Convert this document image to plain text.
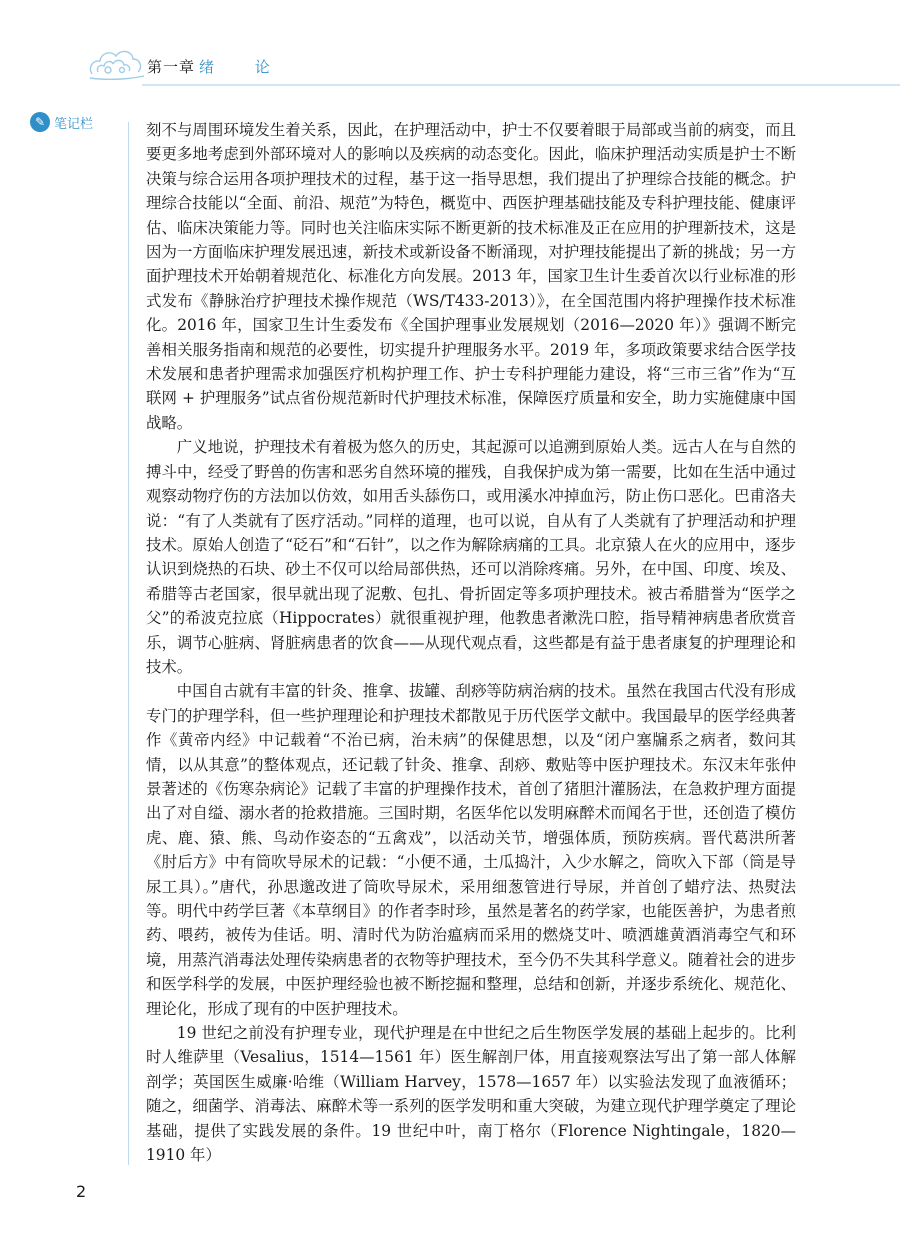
第一章 绪 论
✎ 笔记栏	刻不与周围环境发生着关系，因此，在护理活动中，护士不仅要着眼于局部或当前的病变，而且要更多地考虑到外部环境对人的影响以及疾病的动态变化。因此，临床护理活动实质是护士不断决策与综合运用各项护理技术的过程，基于这一指导思想，我们提出了护理综合技能的概念。护理综合技能以“全面、前沿、规范”为特色，概览中、西医护理基础技能及专科护理技能、健康评估、临床决策能力等。同时也关注临床实际不断更新的技术标准及正在应用的护理新技术，这是因为一方面临床护理发展迅速，新技术或新设备不断涌现，对护理技能提出了新的挑战；另一方面护理技术开始朝着规范化、标准化方向发展。2013 年，国家卫生计生委首次以行业标准的形式发布《静脉治疗护理技术操作规范（WS/T433-2013）》，在全国范围内将护理操作技术标准化。2016 年，国家卫生计生委发布《全国护理事业发展规划（2016—2020 年）》强调不断完善相关服务指南和规范的必要性，切实提升护理服务水平。2019 年，多项政策要求结合医学技术发展和患者护理需求加强医疗机构护理工作、护士专科护理能力建设，将“三市三省”作为“互联网 + 护理服务”试点省份规范新时代护理技术标准，保障医疗质量和安全，助力实施健康中国战略。

广义地说，护理技术有着极为悠久的历史，其起源可以追溯到原始人类。远古人在与自然的搏斗中，经受了野兽的伤害和恶劣自然环境的摧残，自我保护成为第一需要，比如在生活中通过观察动物疗伤的方法加以仿效，如用舌头舔伤口，或用溪水冲掉血污，防止伤口恶化。巴甫洛夫说：“有了人类就有了医疗活动。”同样的道理，也可以说，自从有了人类就有了护理活动和护理技术。原始人创造了“砭石”和“石针”，以之作为解除病痛的工具。北京猿人在火的应用中，逐步认识到烧热的石块、砂土不仅可以给局部供热，还可以消除疼痛。另外，在中国、印度、埃及、希腊等古老国家，很早就出现了泥敷、包扎、骨折固定等多项护理技术。被古希腊誉为“医学之父”的希波克拉底（Hippocrates）就很重视护理，他教患者漱洗口腔，指导精神病患者欣赏音乐，调节心脏病、肾脏病患者的饮食——从现代观点看，这些都是有益于患者康复的护理理论和技术。

中国自古就有丰富的针灸、推拿、拔罐、刮痧等防病治病的技术。虽然在我国古代没有形成专门的护理学科，但一些护理理论和护理技术都散见于历代医学文献中。我国最早的医学经典著作《黄帝内经》中记载着“不治已病，治未病”的保健思想，以及“闭户塞牖系之病者，数问其情，以从其意”的整体观点，还记载了针灸、推拿、刮痧、敷贴等中医护理技术。东汉末年张仲景著述的《伤寒杂病论》记载了丰富的护理操作技术，首创了猪胆汁灌肠法，在急救护理方面提出了对自缢、溺水者的抢救措施。三国时期，名医华佗以发明麻醉术而闻名于世，还创造了模仿虎、鹿、猿、熊、鸟动作姿态的“五禽戏”，以活动关节，增强体质，预防疾病。晋代葛洪所著《肘后方》中有筒吹导尿术的记载：“小便不通，土瓜捣汁，入少水解之，筒吹入下部（筒是导尿工具）。”唐代，孙思邈改进了筒吹导尿术，采用细葱管进行导尿，并首创了蜡疗法、热熨法等。明代中药学巨著《本草纲目》的作者李时珍，虽然是著名的药学家，也能医善护，为患者煎药、喂药，被传为佳话。明、清时代为防治瘟病而采用的燃烧艾叶、喷洒雄黄酒消毒空气和环境，用蒸汽消毒法处理传染病患者的衣物等护理技术，至今仍不失其科学意义。随着社会的进步和医学科学的发展，中医护理经验也被不断挖掘和整理，总结和创新，并逐步系统化、规范化、理论化，形成了现有的中医护理技术。

19 世纪之前没有护理专业，现代护理是在中世纪之后生物医学发展的基础上起步的。比利时人维萨里（Vesalius，1514—1561 年）医生解剖尸体，用直接观察法写出了第一部人体解剖学；英国医生威廉·哈维（William Harvey，1578—1657 年）以实验法发现了血液循环；随之，细菌学、消毒法、麻醉术等一系列的医学发明和重大突破，为建立现代护理学奠定了理论基础，提供了实践发展的条件。19 世纪中叶，南丁格尔（Florence Nightingale，1820—1910 年）

2
